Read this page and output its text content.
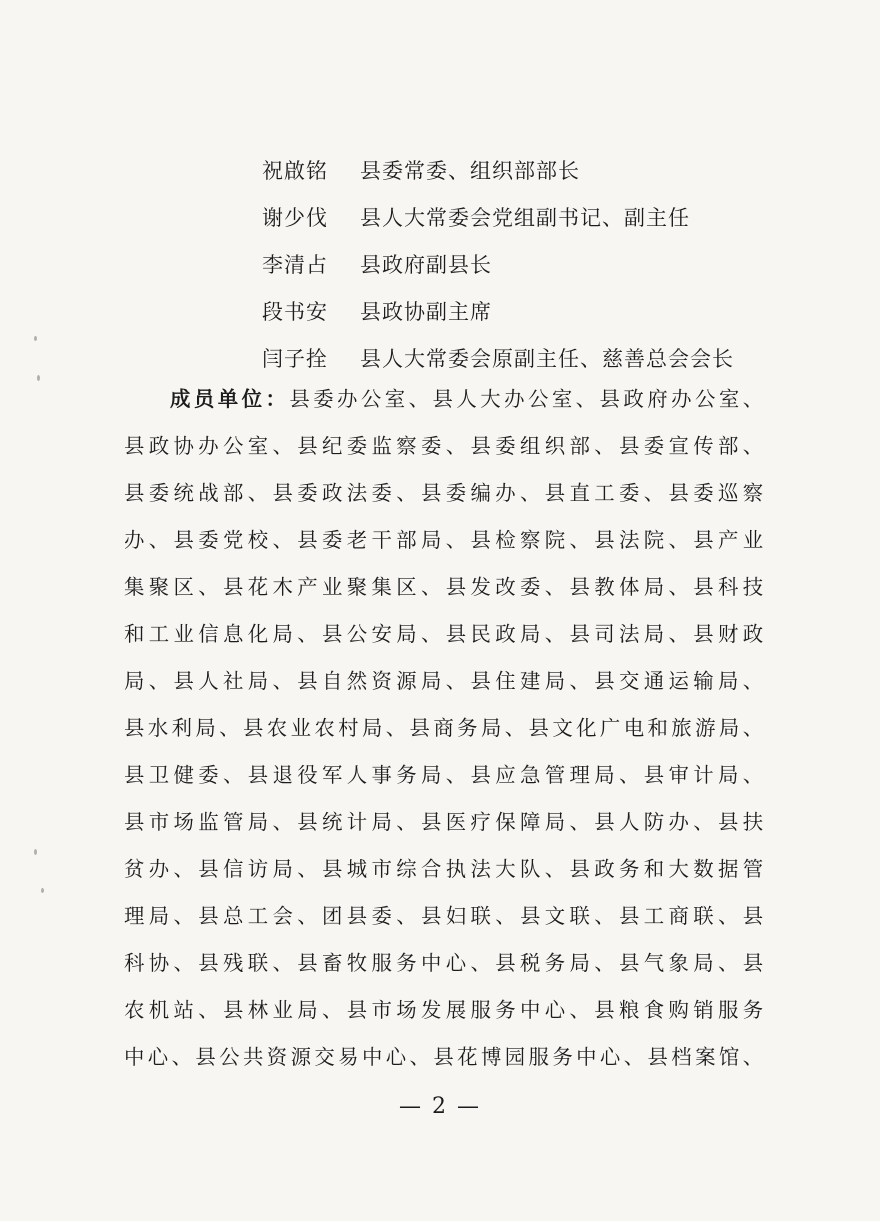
祝啟铭	县委常委、组织部部长
谢少伐	县人大常委会党组副书记、副主任
李清占	县政府副县长
段书安	县政协副主席
闫子拴	县人大常委会原副主任、慈善总会会长
成员单位：县委办公室、县人大办公室、县政府办公室、
县政协办公室、县纪委监察委、县委组织部、县委宣传部、
县委统战部、县委政法委、县委编办、县直工委、县委巡察
办、县委党校、县委老干部局、县检察院、县法院、县产业
集聚区、县花木产业聚集区、县发改委、县教体局、县科技
和工业信息化局、县公安局、县民政局、县司法局、县财政
局、县人社局、县自然资源局、县住建局、县交通运输局、
县水利局、县农业农村局、县商务局、县文化广电和旅游局、
县卫健委、县退役军人事务局、县应急管理局、县审计局、
县市场监管局、县统计局、县医疗保障局、县人防办、县扶
贫办、县信访局、县城市综合执法大队、县政务和大数据管
理局、县总工会、团县委、县妇联、县文联、县工商联、县
科协、县残联、县畜牧服务中心、县税务局、县气象局、县
农机站、县林业局、县市场发展服务中心、县粮食购销服务
中心、县公共资源交易中心、县花博园服务中心、县档案馆、
— 2 —
